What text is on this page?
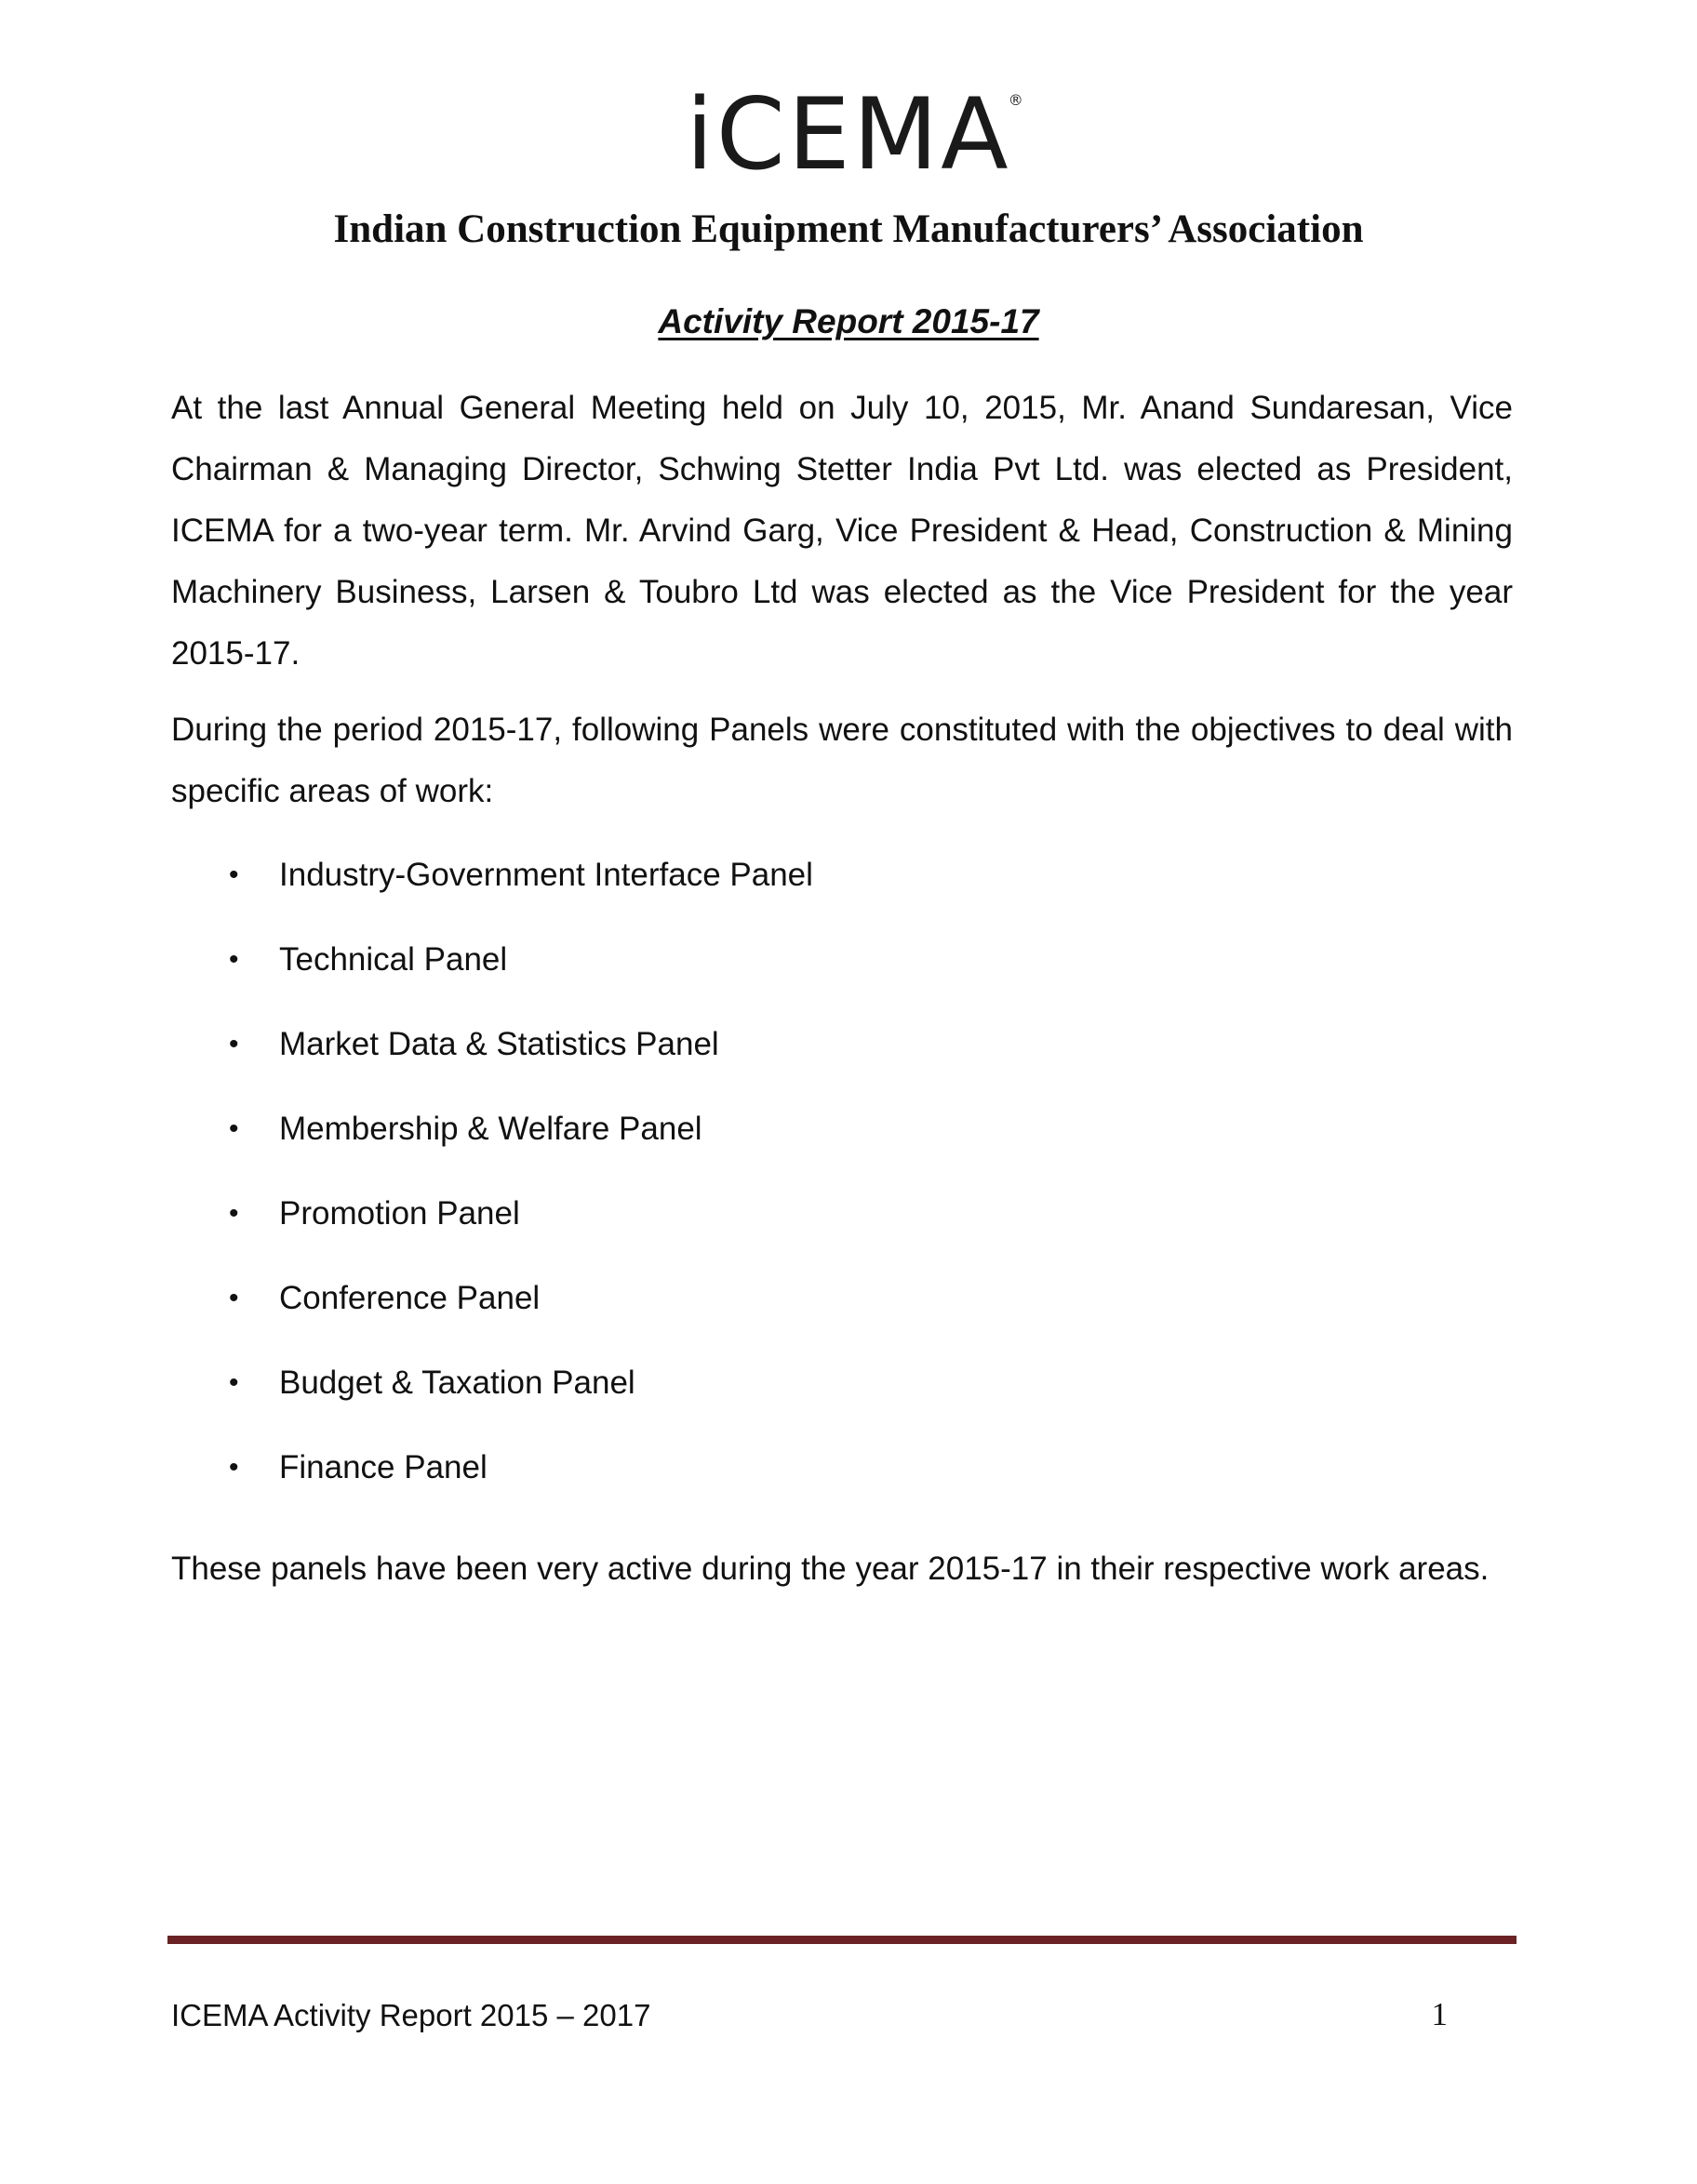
iCEMA
®
Indian Construction Equipment Manufacturers’ Association
Activity Report 2015-17

At the last Annual General Meeting held on July 10, 2015, Mr. Anand Sundaresan, Vice Chairman & Managing Director, Schwing Stetter India Pvt Ltd. was elected as President, ICEMA for a two-year term. Mr. Arvind Garg, Vice President & Head, Construction & Mining Machinery Business, Larsen & Toubro Ltd was elected as the Vice President for the year 2015-17.

During the period 2015-17, following Panels were constituted with the objectives to deal with specific areas of work:

• Industry-Government Interface Panel
• Technical Panel
• Market Data & Statistics Panel
• Membership & Welfare Panel
• Promotion Panel
• Conference Panel
• Budget & Taxation Panel
• Finance Panel

These panels have been very active during the year 2015-17 in their respective work areas.

ICEMA Activity Report 2015 – 2017	1
